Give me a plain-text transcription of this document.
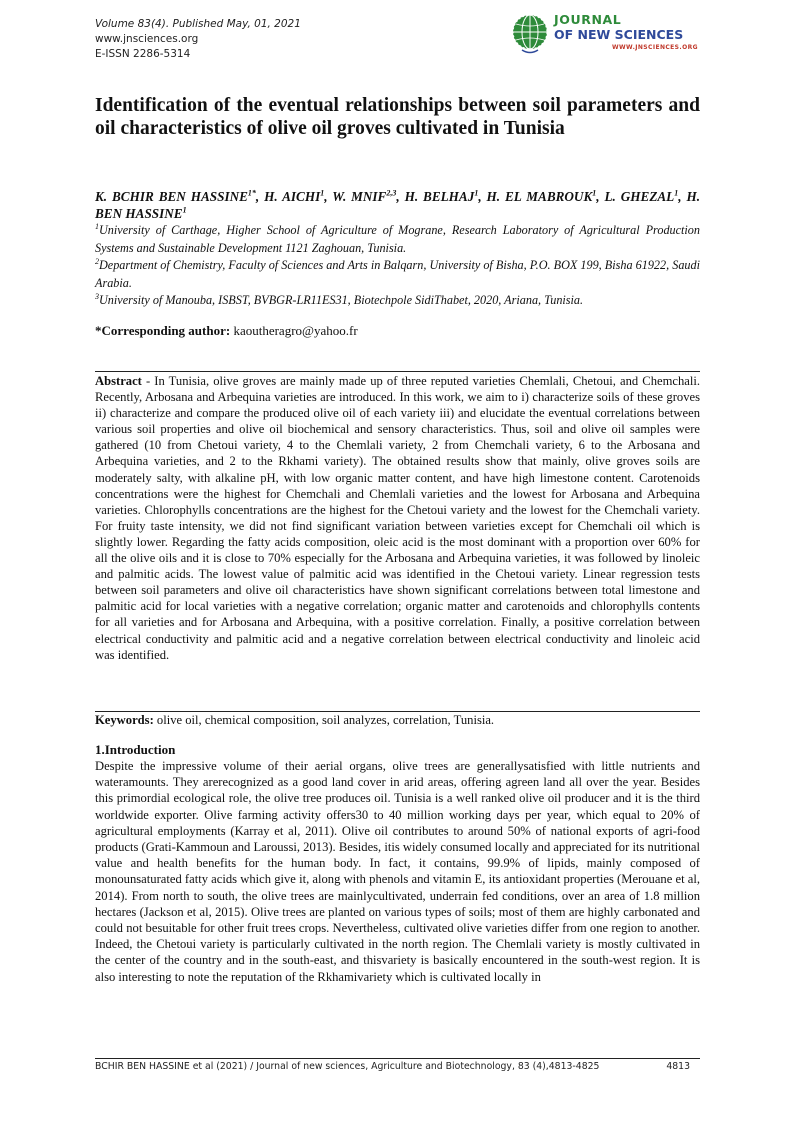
Volume 83(4). Published May, 01, 2021
www.jnsciences.org
E-ISSN 2286-5314
JOURNAL
OF NEW SCIENCES
WWW.JNSCIENCES.ORG
Identification of the eventual relationships between soil parameters and oil characteristics of olive oil groves cultivated in Tunisia
K. BCHIR BEN $HASSINE^{1*}$, H. AICHI$^1$, W. MNIF$^{2,3}$, H. BELHAJ$^1$, H. EL MABROUK$^1$, L. GHEZAL$^1$, H. BEN HASSINE$^1$

$^1$University of Carthage, Higher School of Agriculture of Mograne, Research Laboratory of Agricultural Production Systems and Sustainable Development 1121 Zaghouan, Tunisia.

$^2$Department of Chemistry, Faculty of Sciences and Arts in Balqarn, University of Bisha, P.O. BOX 199, Bisha 61922, Saudi Arabia.

$^3$University of Manouba, ISBST, BVBGR-LR11ES31, Biotechpole SidiThabet, 2020, Ariana, Tunisia.

*Corresponding author: kaoutheragro@yahoo.fr
Abstract - In Tunisia, olive groves are mainly made up of three reputed varieties Chemlali, Chetoui, and Chemchali. Recently, Arbosana and Arbequina varieties are introduced. In this work, we aim to i) characterize soils of these groves ii) characterize and compare the produced olive oil of each variety iii) and elucidate the eventual correlations between various soil properties and olive oil biochemical and sensory characteristics. Thus, soil and olive oil samples were gathered (10 from Chetoui variety, 4 to the Chemlali variety, 2 from Chemchali variety, 6 to the Arbosana and Arbequina varieties, and 2 to the Rkhami variety). The obtained results show that mainly, olive groves soils are moderately salty, with alkaline pH, with low organic matter content, and have high limestone content. Carotenoids concentrations were the highest for Chemchali and Chemlali varieties and the lowest for Arbosana and Arbequina varieties. Chlorophylls concentrations are the highest for the Chetoui variety and the lowest for the Chemchali variety. For fruity taste intensity, we did not find significant variation between varieties except for Chemchali oil which is slightly lower. Regarding the fatty acids composition, oleic acid is the most dominant with a proportion over 60% for all the olive oils and it is close to 70% especially for the Arbosana and Arbequina varieties, it was followed by linoleic and palmitic acids. The lowest value of palmitic acid was identified in the Chetoui variety. Linear regression tests between soil parameters and olive oil characteristics have shown significant correlations between total limestone and palmitic acid for local varieties with a negative correlation; organic matter and carotenoids and chlorophylls contents for all varieties and for Arbosana and Arbequina, with a positive correlation. Finally, a positive correlation between electrical conductivity and palmitic acid and a negative correlation between electrical conductivity and linoleic acid was identified.
Keywords: olive oil, chemical composition, soil analyzes, correlation, Tunisia.
1.Introduction
Despite the impressive volume of their aerial organs, olive trees are generallysatisfied with little nutrients and wateramounts. They arerecognized as a good land cover in arid areas, offering agreen land all over the year. Besides this primordial ecological role, the olive tree produces oil. Tunisia is a well ranked olive oil producer and it is the third worldwide exporter. Olive farming activity offers30 to 40 million working days per year, which equal to 20% of agricultural employments (Karray et al, 2011). Olive oil contributes to around 50% of national exports of agri-food products (Grati-Kammoun and Laroussi, 2013). Besides, itis widely consumed locally and appreciated for its nutritional value and health benefits for the human body. In fact, it contains, 99.9% of lipids, mainly composed of monounsaturated fatty acids which give it, along with phenols and vitamin E, its antioxidant properties (Merouane et al, 2014). From north to south, the olive trees are mainlycultivated, underrain fed conditions, over an area of 1.8 million hectares (Jackson et al, 2015). Olive trees are planted on various types of soils; most of them are highly carbonated and could not besuitable for other fruit trees crops. Nevertheless, cultivated olive varieties differ from one region to another. Indeed, the Chetoui variety is particularly cultivated in the north region. The Chemlali variety is mostly cultivated in the center of the country and in the south-east, and thisvariety is basically encountered in the south-west region. It is also interesting to note the reputation of the Rkhamivariety which is cultivated locally in
BCHIR BEN HASSINE et al (2021) / Journal of new sciences, Agriculture and Biotechnology, 83 (4),4813-4825	4813
